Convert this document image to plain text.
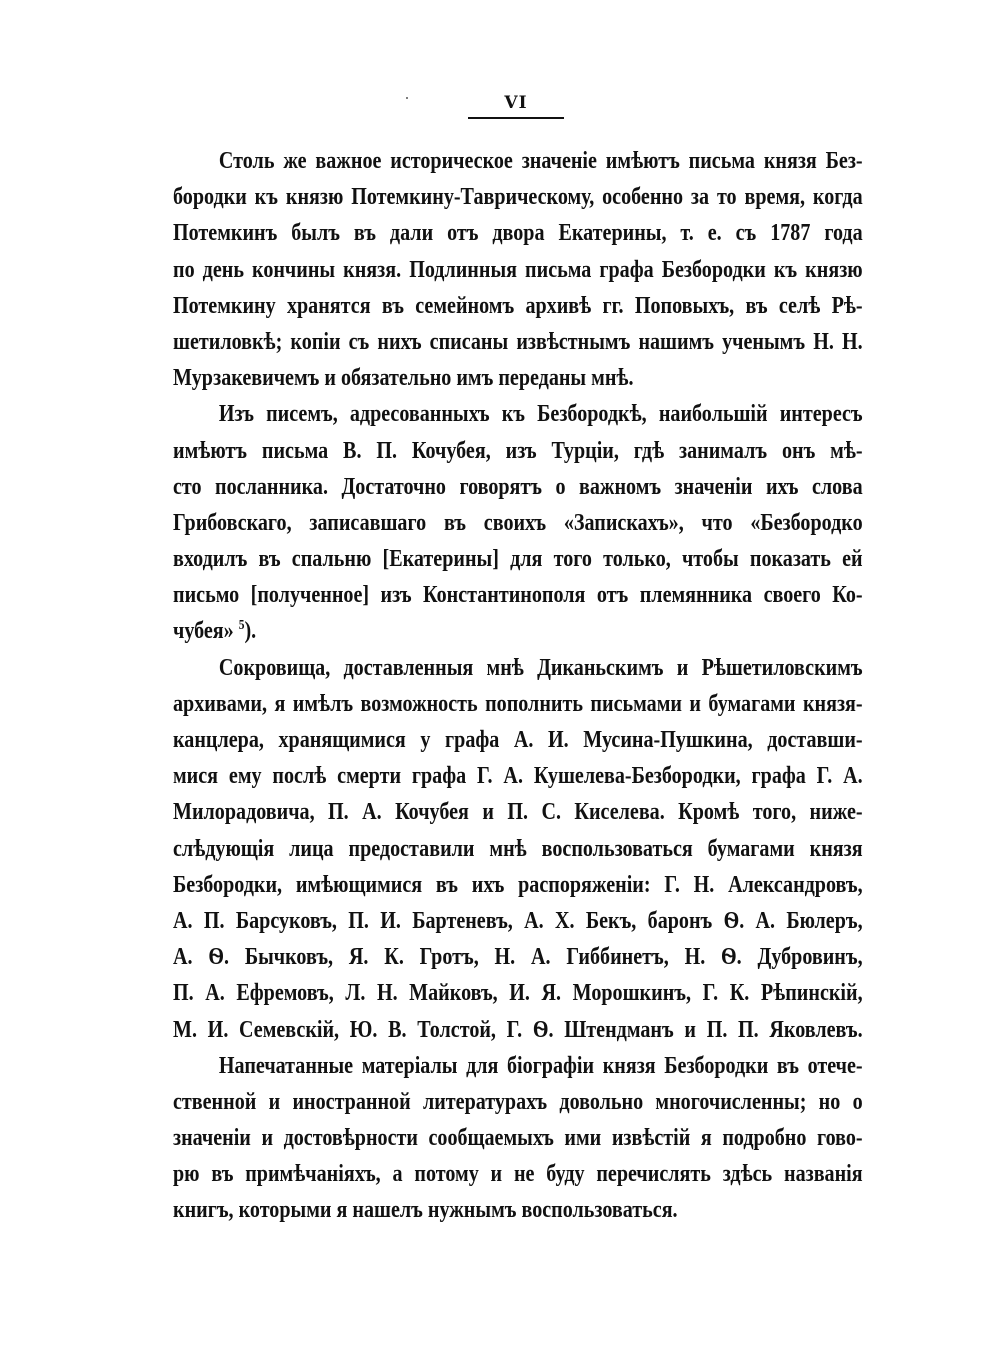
VI
Столь же важное историческое значенiе имѣютъ письма князя Без-
бородки къ князю Потемкину-Таврическому, особенно за то время, когда
Потемкинъ былъ въ дали отъ двора Екатерины, т. е. съ 1787 года
по день кончины князя. Подлинныя письма графа Безбородки къ князю
Потемкину хранятся въ семейномъ архивѣ гг. Поповыхъ, въ селѣ Рѣ-
шетиловкѣ; копiи съ нихъ списаны извѣстнымъ нашимъ ученымъ Н. Н.
Мурзакевичемъ и обязательно имъ переданы мнѣ.
Изъ писемъ, адресованныхъ къ Безбородкѣ, наибольшiй интересъ
имѣютъ письма В. П. Кочубея, изъ Турцiи, гдѣ занималъ онъ мѣ-
сто посланника. Достаточно говорятъ о важномъ значенiи ихъ слова
Грибовскаго, записавшаго въ своихъ «Запискахъ», что «Безбородко
входилъ въ спальню [Екатерины] для того только, чтобы показать ей
письмо [полученное] изъ Константинополя отъ племянника своего Ко-
чубея» $^5$).
Сокровища, доставленныя мнѣ Диканьскимъ и Рѣшетиловскимъ
архивами, я имѣлъ возможность пополнить письмами и бумагами князя-
канцлера, хранящимися у графа А. И. Мусина-Пушкина, доставши-
мися ему послѣ смерти графа Г. А. Кушелева-Безбородки, графа Г. А.
Милорадовича, П. А. Кочубея и П. С. Киселева. Кромѣ того, ниже-
слѣдующiя лица предоставили мнѣ воспользоваться бумагами князя
Безбородки, имѣющимися въ ихъ распоряженiи: Г. Н. Александровъ,
А. П. Барсуковъ, П. И. Бартеневъ, А. Х. Бекъ, баронъ Ѳ. А. Бюлеръ,
А. Ѳ. Бычковъ, Я. К. Гротъ, Н. А. Гиббинетъ, Н. Ѳ. Дубровинъ,
П. А. Ефремовъ, Л. Н. Майковъ, И. Я. Морошкинъ, Г. К. Рѣпинскiй,
М. И. Семевскiй, Ю. В. Толстой, Г. Ѳ. Штендманъ и П. П. Яковлевъ.
Напечатанные матерiалы для бiографiи князя Безбородки въ отече-
ственной и иностранной литературахъ довольно многочисленны; но о
значенiи и достовѣрности сообщаемыхъ ими извѣстiй я подробно гово-
рю въ примѣчанiяхъ, а потому и не буду перечислять здѣсь названiя
книгъ, которыми я нашелъ нужнымъ воспользоваться.
